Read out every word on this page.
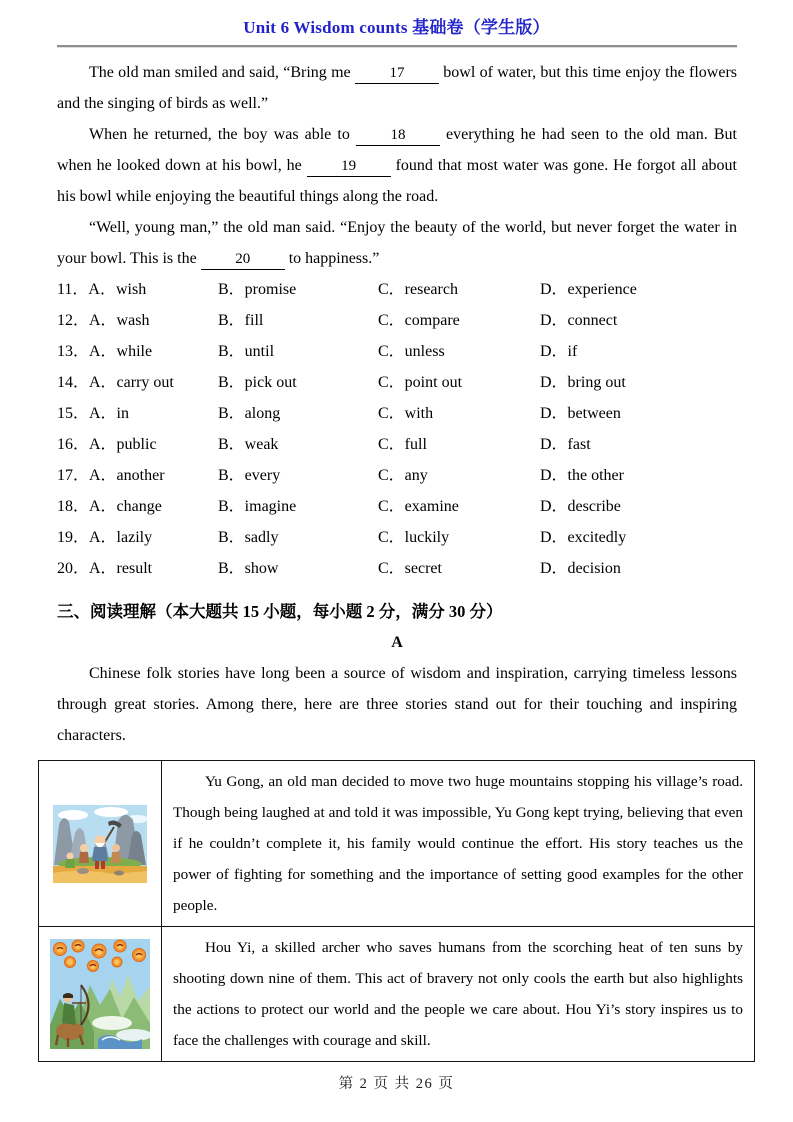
Unit 6 Wisdom counts 基础卷（学生版）

The old man smiled and said, “Bring me 17 bowl of water, but this time enjoy the flowers and the singing of birds as well.”

When he returned, the boy was able to 18 everything he had seen to the old man. But when he looked down at his bowl, he 19 found that most water was gone. He forgot all about his bowl while enjoying the beautiful things along the road.

“Well, young man,” the old man said. “Enjoy the beauty of the world, but never forget the water in your bowl. This is the 20 to happiness.”

11．A．wish	B．promise	C．research	D．experience
12．A．wash	B．fill	C．compare	D．connect
13．A．while	B．until	C．unless	D．if
14．A．carry out	B．pick out	C．point out	D．bring out
15．A．in	B．along	C．with	D．between
16．A．public	B．weak	C．full	D．fast
17．A．another	B．every	C．any	D．the other
18．A．change	B．imagine	C．examine	D．describe
19．A．lazily	B．sadly	C．luckily	D．excitedly
20．A．result	B．show	C．secret	D．decision
三、阅读理解（本大题共 15 小题，每小题 2 分，满分 30 分）
A

Chinese folk stories have long been a source of wisdom and inspiration, carrying timeless lessons through great stories. Among there, here are three stories stand out for their touching and inspiring characters.

	Yu Gong, an old man decided to move two huge mountains stopping his village’s road. Though being laughed at and told it was impossible, Yu Gong kept trying, believing that even if he couldn’t complete it, his family would continue the effort. His story teaches us the power of fighting for something and the importance of setting good examples for the other people.
	Hou Yi, a skilled archer who saves humans from the scorching heat of ten suns by shooting down nine of them. This act of bravery not only cools the earth but also highlights the actions to protect our world and the people we care about. Hou Yi’s story inspires us to face the challenges with courage and skill.
第 2 页 共 26 页
